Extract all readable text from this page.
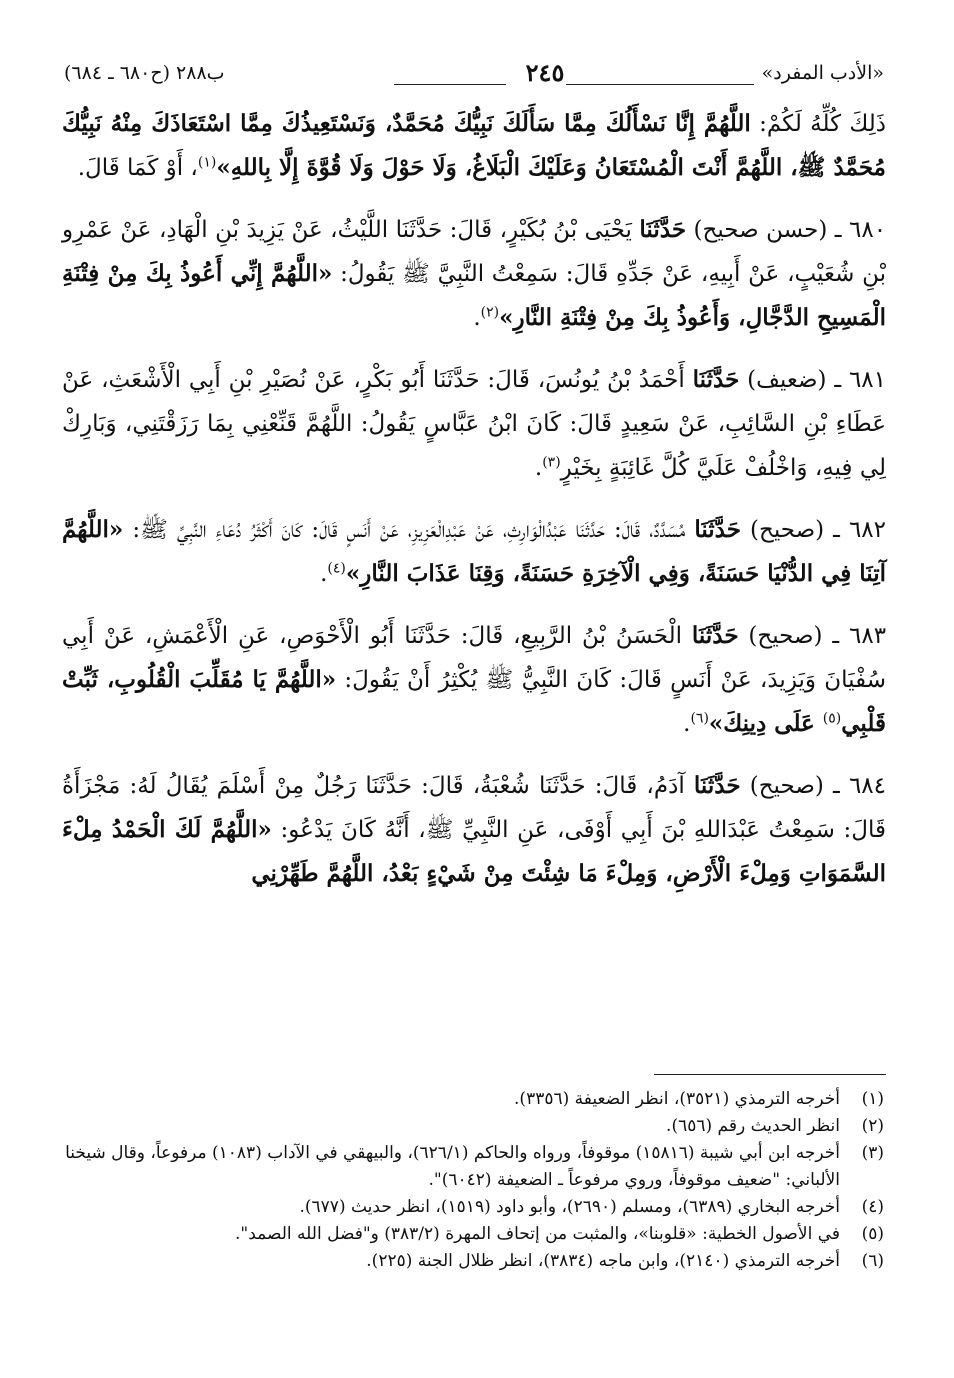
«الأدب المفرد»
٢٤٥
ب٢٨٨ (ح٦٨٠ ـ ٦٨٤)

ذَلِكَ كُلِّهُ لَكُمْ: اللَّهُمَّ إِنَّا نَسْأَلُكَ مِمَّا سَأَلَكَ نَبِيُّكَ مُحَمَّدٌ، وَنَسْتَعِيذُكَ مِمَّا اسْتَعَاذَكَ مِنْهُ نَبِيُّكَ مُحَمَّدٌ ﷺ، اللَّهُمَّ أَنْتَ الْمُسْتَعَانُ وَعَلَيْكَ الْبَلَاغُ، وَلَا حَوْلَ وَلَا قُوَّةَ إِلَّا بِاللهِ»$^{(١)}$، أَوْ كَمَا قَالَ.

٦٨٠ ـ (حسن صحيح) حَدَّثَنَا يَحْيَى بْنُ بُكَيْرٍ، قَالَ: حَدَّثَنَا اللَّيْثُ، عَنْ يَزِيدَ بْنِ الْهَادِ، عَنْ عَمْرِو بْنِ شُعَيْبٍ، عَنْ أَبِيهِ، عَنْ جَدِّهِ قَالَ: سَمِعْتُ النَّبِيَّ ﷺ يَقُولُ: «اللَّهُمَّ إِنِّي أَعُوذُ بِكَ مِنْ فِتْنَةِ الْمَسِيحِ الدَّجَّالِ، وَأَعُوذُ بِكَ مِنْ فِتْنَةِ النَّارِ»$^{(٢)}$.

٦٨١ ـ (ضعيف) حَدَّثَنَا أَحْمَدُ بْنُ يُونُسَ، قَالَ: حَدَّثَنَا أَبُو بَكْرٍ، عَنْ نُصَيْرِ بْنِ أَبِي الْأَشْعَثِ، عَنْ عَطَاءِ بْنِ السَّائِبِ، عَنْ سَعِيدٍ قَالَ: كَانَ ابْنُ عَبَّاسٍ يَقُولُ: اللَّهُمَّ قَنِّعْنِي بِمَا رَزَقْتَنِي، وَبَارِكْ لِي فِيهِ، وَاخْلُفْ عَلَيَّ كُلَّ غَائِبَةٍ بِخَيْرٍ$^{(٣)}$.

٦٨٢ ـ (صحيح) حَدَّثَنَا مُسَدَّدٌ، قَالَ: حَدَّثَنَا عَبْدُالْوَارِثِ، عَنْ عَبْدِالْعَزِيزِ، عَنْ أَنَسٍ قَالَ: كَانَ أَكْثَرُ دُعَاءِ النَّبِيِّ ﷺ: «اللَّهُمَّ آتِنَا فِي الدُّنْيَا حَسَنَةً، وَفِي الْآخِرَةِ حَسَنَةً، وَقِنَا عَذَابَ النَّارِ»$^{(٤)}$.

٦٨٣ ـ (صحيح) حَدَّثَنَا الْحَسَنُ بْنُ الرَّبِيعِ، قَالَ: حَدَّثَنَا أَبُو الْأَحْوَصِ، عَنِ الْأَعْمَشِ، عَنْ أَبِي سُفْيَانَ وَيَزِيدَ، عَنْ أَنَسٍ قَالَ: كَانَ النَّبِيُّ ﷺ يُكْثِرُ أَنْ يَقُولَ: «اللَّهُمَّ يَا مُقَلِّبَ الْقُلُوبِ، ثَبِّتْ قَلْبِي$^{(٥)}$ عَلَى دِينِكَ»$^{(٦)}$.

٦٨٤ ـ (صحيح) حَدَّثَنَا آدَمُ، قَالَ: حَدَّثَنَا شُعْبَةُ، قَالَ: حَدَّثَنَا رَجُلٌ مِنْ أَسْلَمَ يُقَالُ لَهُ: مَجْزَأَةُ قَالَ: سَمِعْتُ عَبْدَاللهِ بْنَ أَبِي أَوْفَى، عَنِ النَّبِيِّ ﷺ، أَنَّهُ كَانَ يَدْعُو: «اللَّهُمَّ لَكَ الْحَمْدُ مِلْءَ السَّمَوَاتِ وَمِلْءَ الْأَرْضِ، وَمِلْءَ مَا شِئْتَ مِنْ شَيْءٍ بَعْدُ، اللَّهُمَّ طَهِّرْنِي

(١)
أخرجه الترمذي (٣٥٢١)، انظر الضعيفة (٣٣٥٦).
(٢)
انظر الحديث رقم (٦٥٦).
(٣)
أخرجه ابن أبي شيبة (١٥٨١٦) موقوفاً، ورواه والحاكم (٦٢٦/١)، والبيهقي في الآداب (١٠٨٣) مرفوعاً، وقال شيخنا الألباني: "ضعيف موقوفاً، وروي مرفوعاً ـ الضعيفة (٦٠٤٢)".
(٤)
أخرجه البخاري (٦٣٨٩)، ومسلم (٢٦٩٠)، وأبو داود (١٥١٩)، انظر حديث (٦٧٧).
(٥)
في الأصول الخطية: «قلوبنا»، والمثبت من إتحاف المهرة (٣٨٣/٢) و"فضل الله الصمد".
(٦)
أخرجه الترمذي (٢١٤٠)، وابن ماجه (٣٨٣٤)، انظر ظلال الجنة (٢٢٥).
